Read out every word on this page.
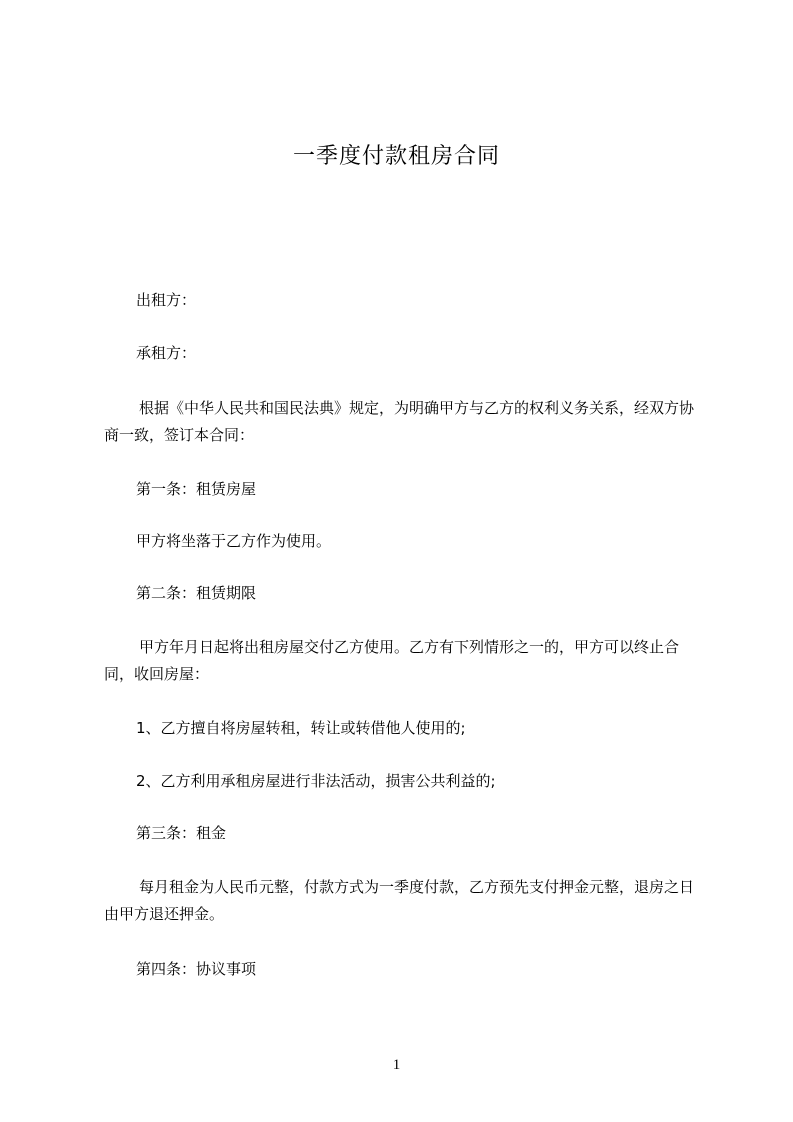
一季度付款租房合同

出租方：

承租方：

根据《中华人民共和国民法典》规定，为明确甲方与乙方的权利义务关系，经双方协商一致，签订本合同：

第一条：租赁房屋

甲方将坐落于乙方作为使用。

第二条：租赁期限

甲方年月日起将出租房屋交付乙方使用。乙方有下列情形之一的，甲方可以终止合同，收回房屋：

1、乙方擅自将房屋转租，转让或转借他人使用的;

2、乙方利用承租房屋进行非法活动，损害公共利益的;

第三条：租金

每月租金为人民币元整，付款方式为一季度付款，乙方预先支付押金元整，退房之日由甲方退还押金。

第四条：协议事项

1
